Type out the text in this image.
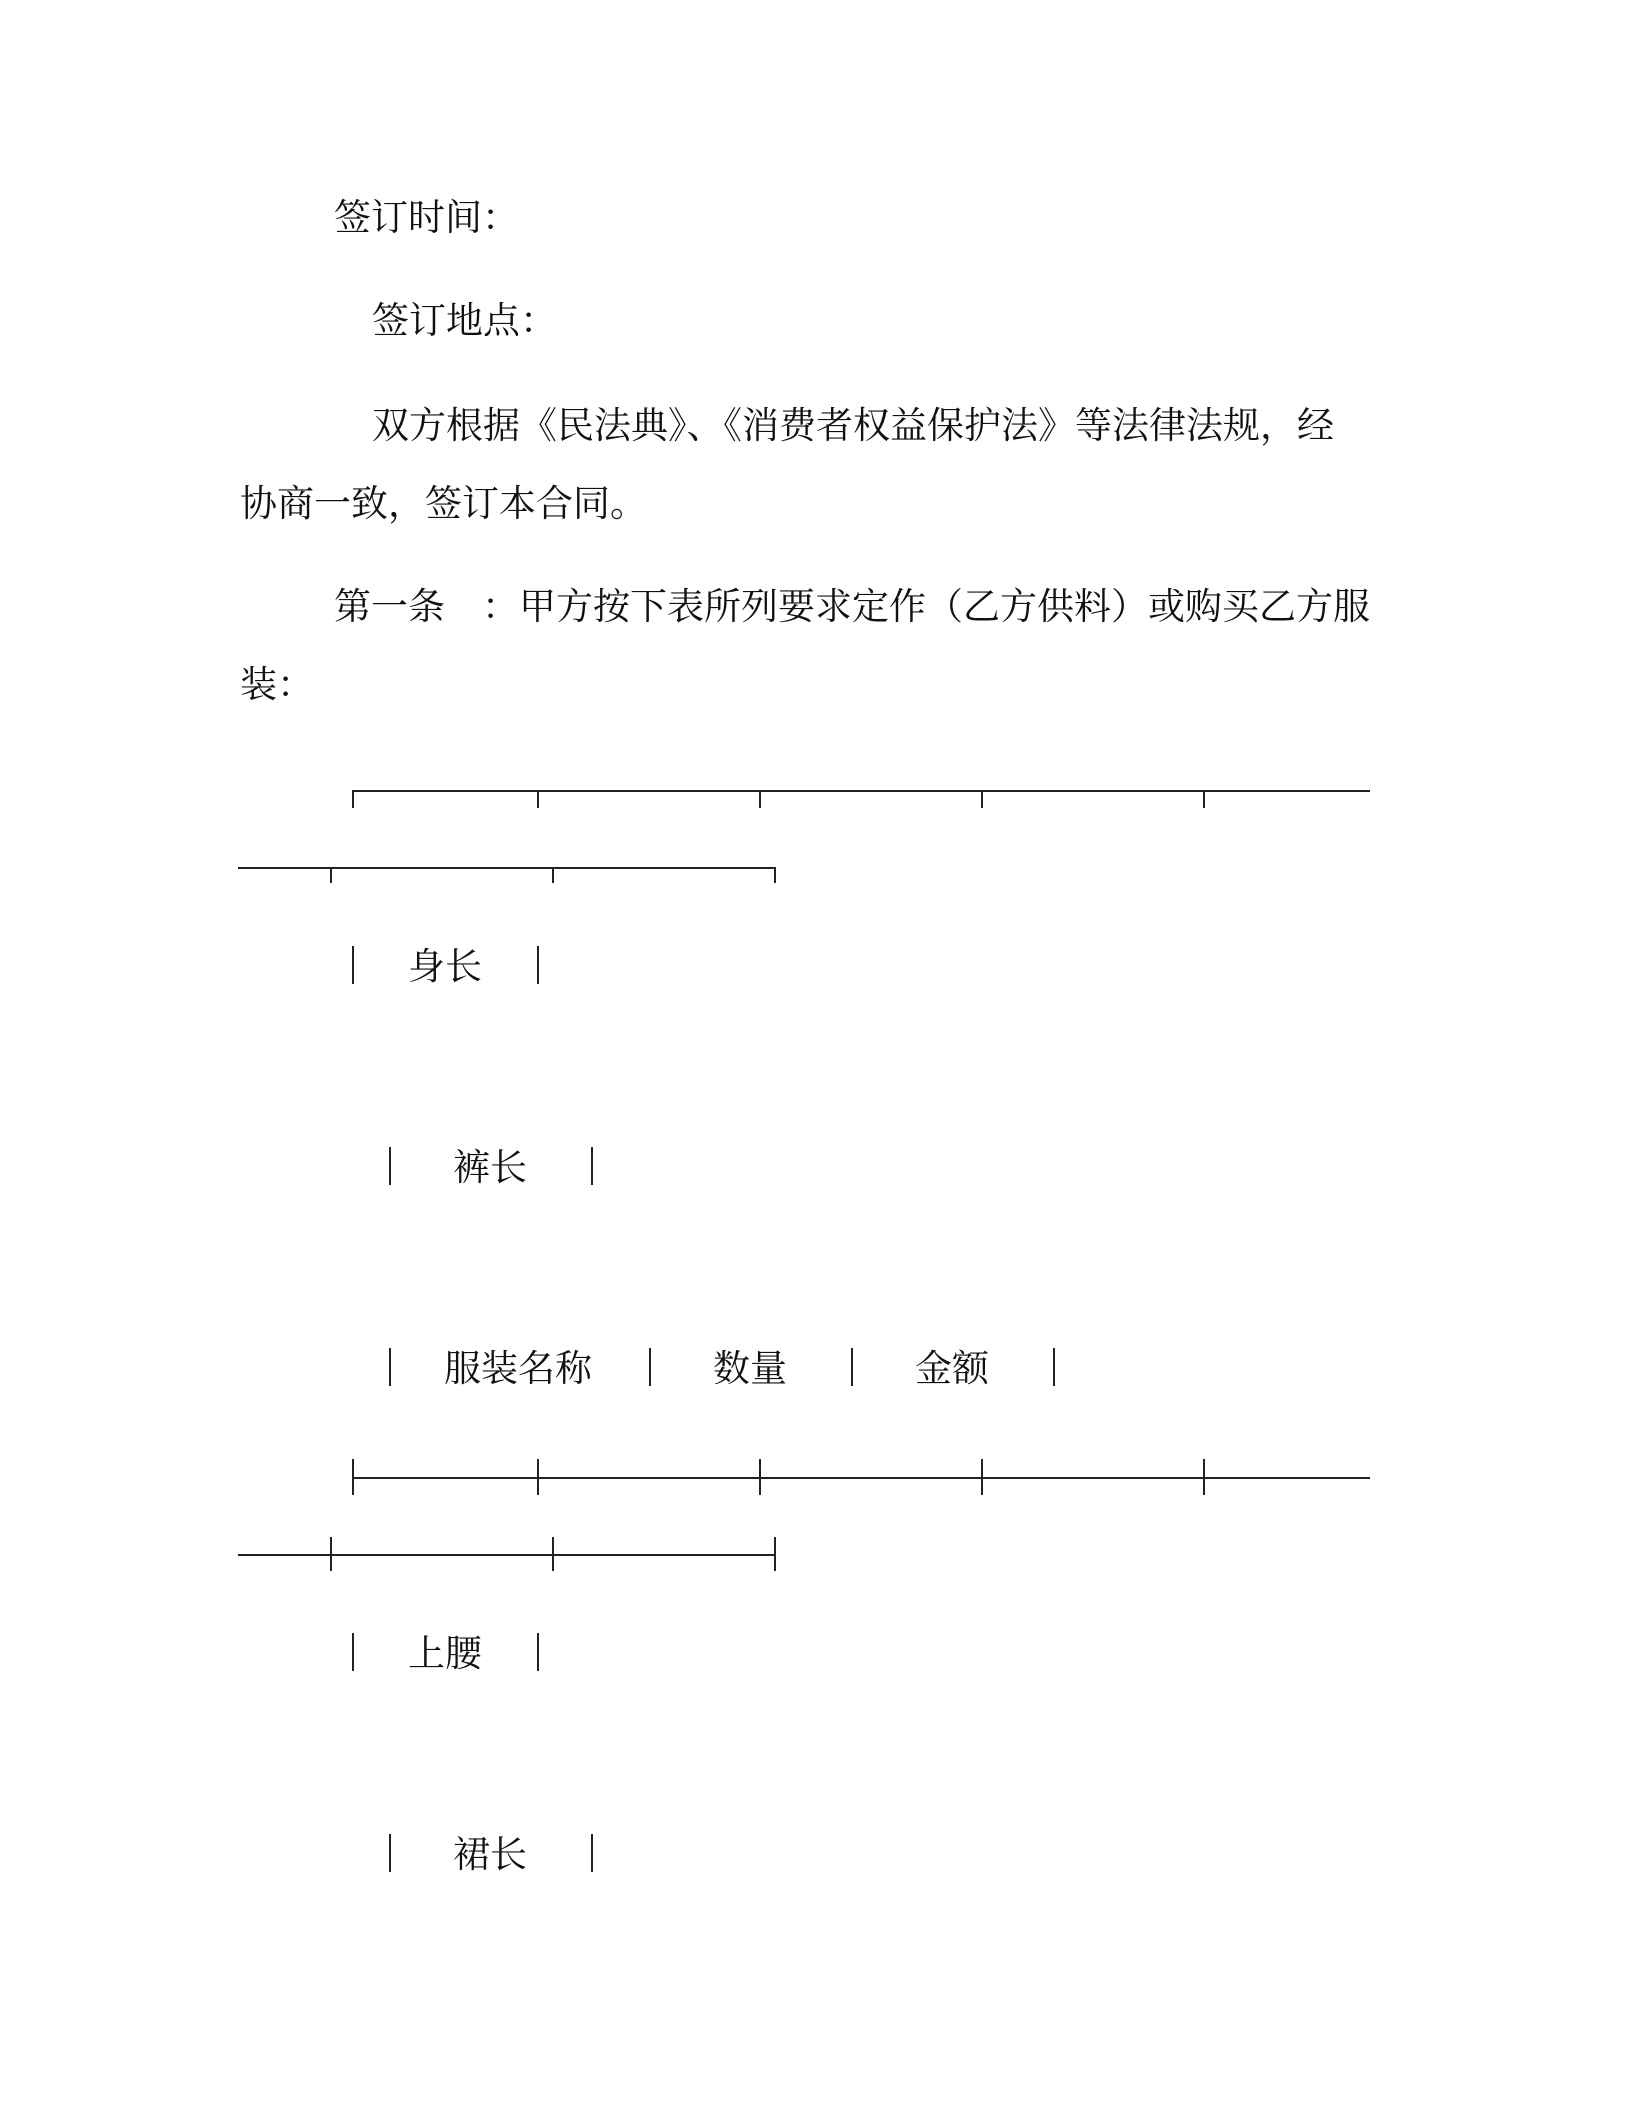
签订时间：

签订地点：

双方根据《民法典》、《消费者权益保护法》等法律法规，经

协商一致，签订本合同。

第一条　：甲方按下表所列要求定作（乙方供料）或购买乙方服

装：

身长

裤长

服装名称	数量	金额

上腰

裙长
